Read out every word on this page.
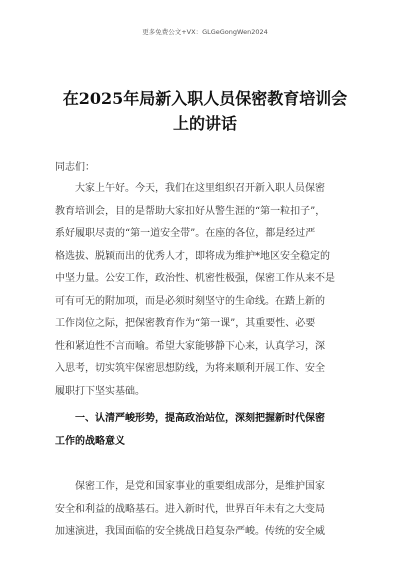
更多免费公文+VX：GLGeGongWen2024
在2025年局新入职人员保密教育培训会
上的讲话
同志们：
大家上午好。今天，我们在这里组织召开新入职人员保密
教育培训会，目的是帮助大家扣好从警生涯的“第一粒扣子”，
系好履职尽责的“第一道安全带”。在座的各位，都是经过严
格选拔、脱颖而出的优秀人才，即将成为维护*地区安全稳定的
中坚力量。公安工作，政治性、机密性极强，保密工作从来不是
可有可无的附加项，而是必须时刻坚守的生命线。在踏上新的
工作岗位之际，把保密教育作为“第一课”，其重要性、必要
性和紧迫性不言而喻。希望大家能够静下心来，认真学习，深
入思考，切实筑牢保密思想防线，为将来顺利开展工作、安全
履职打下坚实基础。
一、认清严峻形势，提高政治站位，深刻把握新时代保密
工作的战略意义
保密工作，是党和国家事业的重要组成部分，是维护国家
安全和利益的战略基石。进入新时代，世界百年未有之大变局
加速演进，我国面临的安全挑战日趋复杂严峻。传统的安全威
